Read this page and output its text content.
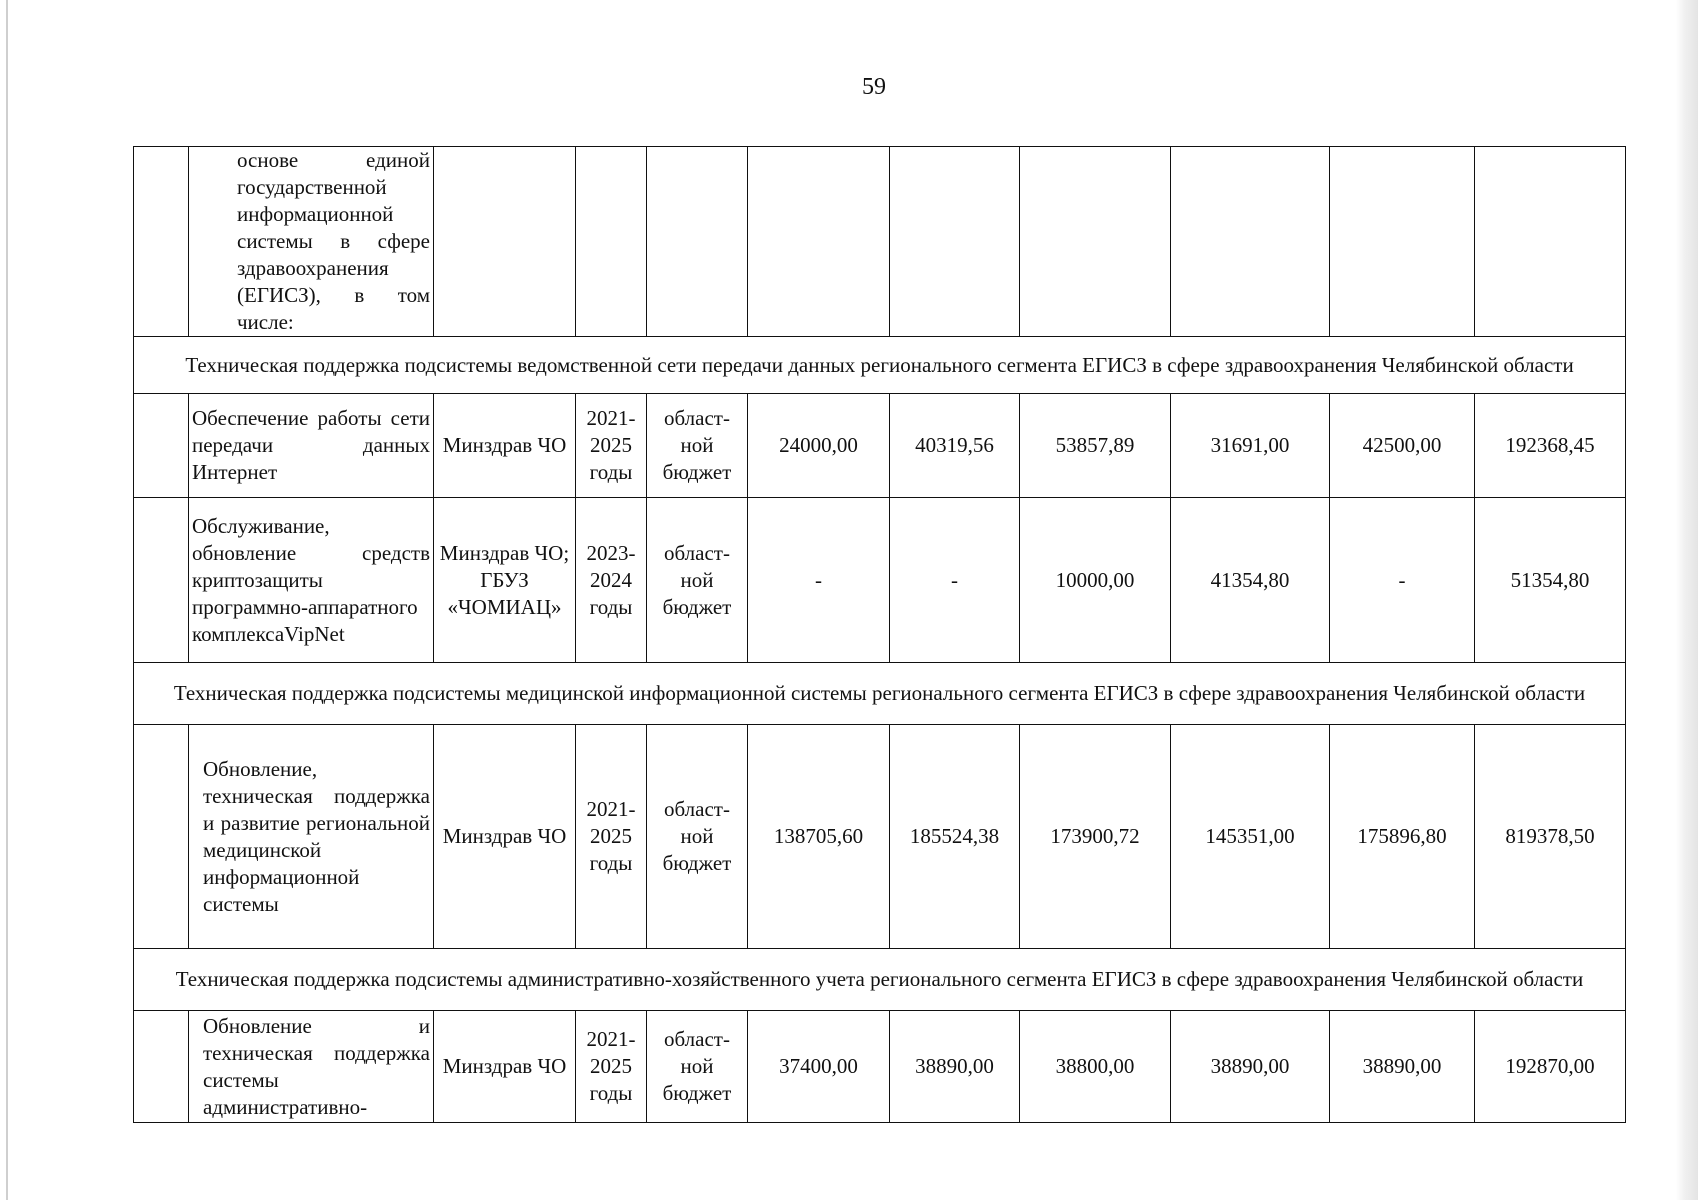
59
	основе единой государственной информационной системы в сфере здравоохранения (ЕГИСЗ), в том числе:									
Техническая поддержка подсистемы ведомственной сети передачи данных регионального сегмента ЕГИСЗ в сфере здравоохранения Челябинской области										
	Обеспечение работы сети передачи данных Интернет	Минздрав ЧО	2021-2025 годы	област-ной бюджет	24000,00	40319,56	53857,89	31691,00	42500,00	192368,45
	Обслуживание, обновление средств криптозащиты программно-аппаратного комплексаVipNet	Минздрав ЧО; ГБУЗ «ЧОМИАЦ»	2023-2024 годы	област-ной бюджет	-	-	10000,00	41354,80	-	51354,80
Техническая поддержка подсистемы медицинской информационной системы регионального сегмента ЕГИСЗ в сфере здравоохранения Челябинской области										
	Обновление, техническая поддержка и развитие региональной медицинской информационной системы	Минздрав ЧО	2021-2025 годы	област-ной бюджет	138705,60	185524,38	173900,72	145351,00	175896,80	819378,50
Техническая поддержка подсистемы административно-хозяйственного учета регионального сегмента ЕГИСЗ в сфере здравоохранения Челябинской области										
	Обновление и техническая поддержка системы административно-	Минздрав ЧО	2021-2025 годы	област-ной бюджет	37400,00	38890,00	38800,00	38890,00	38890,00	192870,00
